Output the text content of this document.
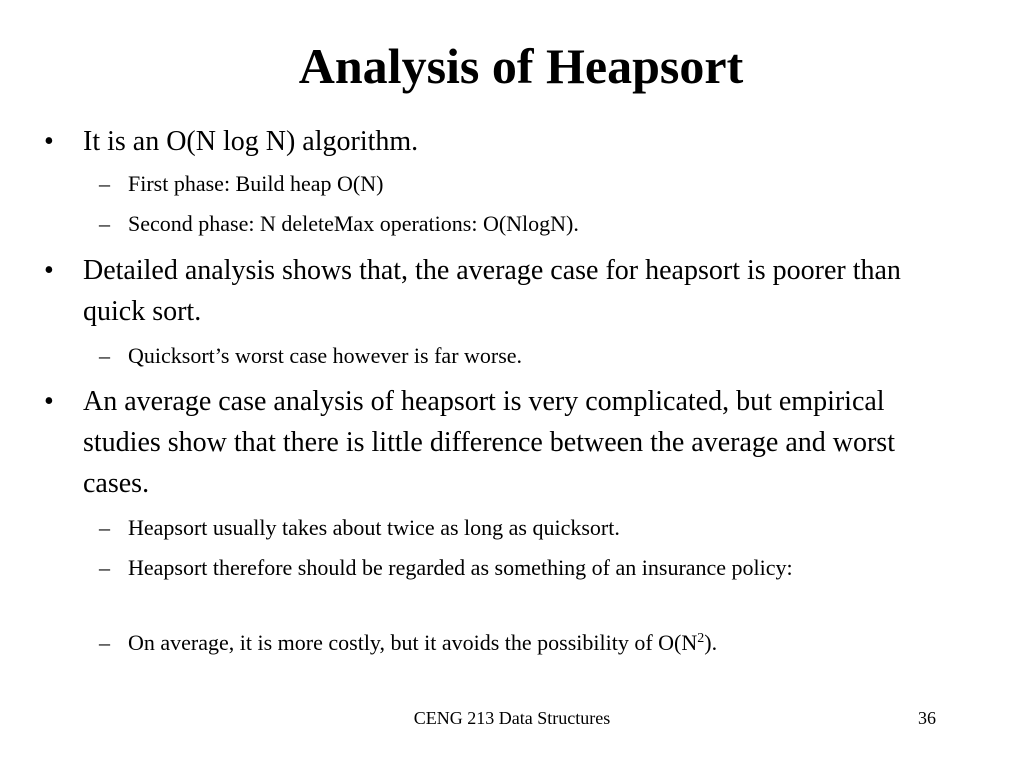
Analysis of Heapsort
• It is an O(N log N) algorithm.
– First phase: Build heap O(N)
– Second phase: N deleteMax operations: O(NlogN).
• Detailed analysis shows that, the average case for heapsort is poorer than quick sort.
– Quicksort’s worst case however is far worse.
• An average case analysis of heapsort is very complicated, but empirical studies show that there is little difference between the average and worst cases.
– Heapsort usually takes about twice as long as quicksort.
– Heapsort therefore should be regarded as something of an insurance policy:
– On average, it is more costly, but it avoids the possibility of $O(N^2)$.
CENG 213 Data Structures	36
